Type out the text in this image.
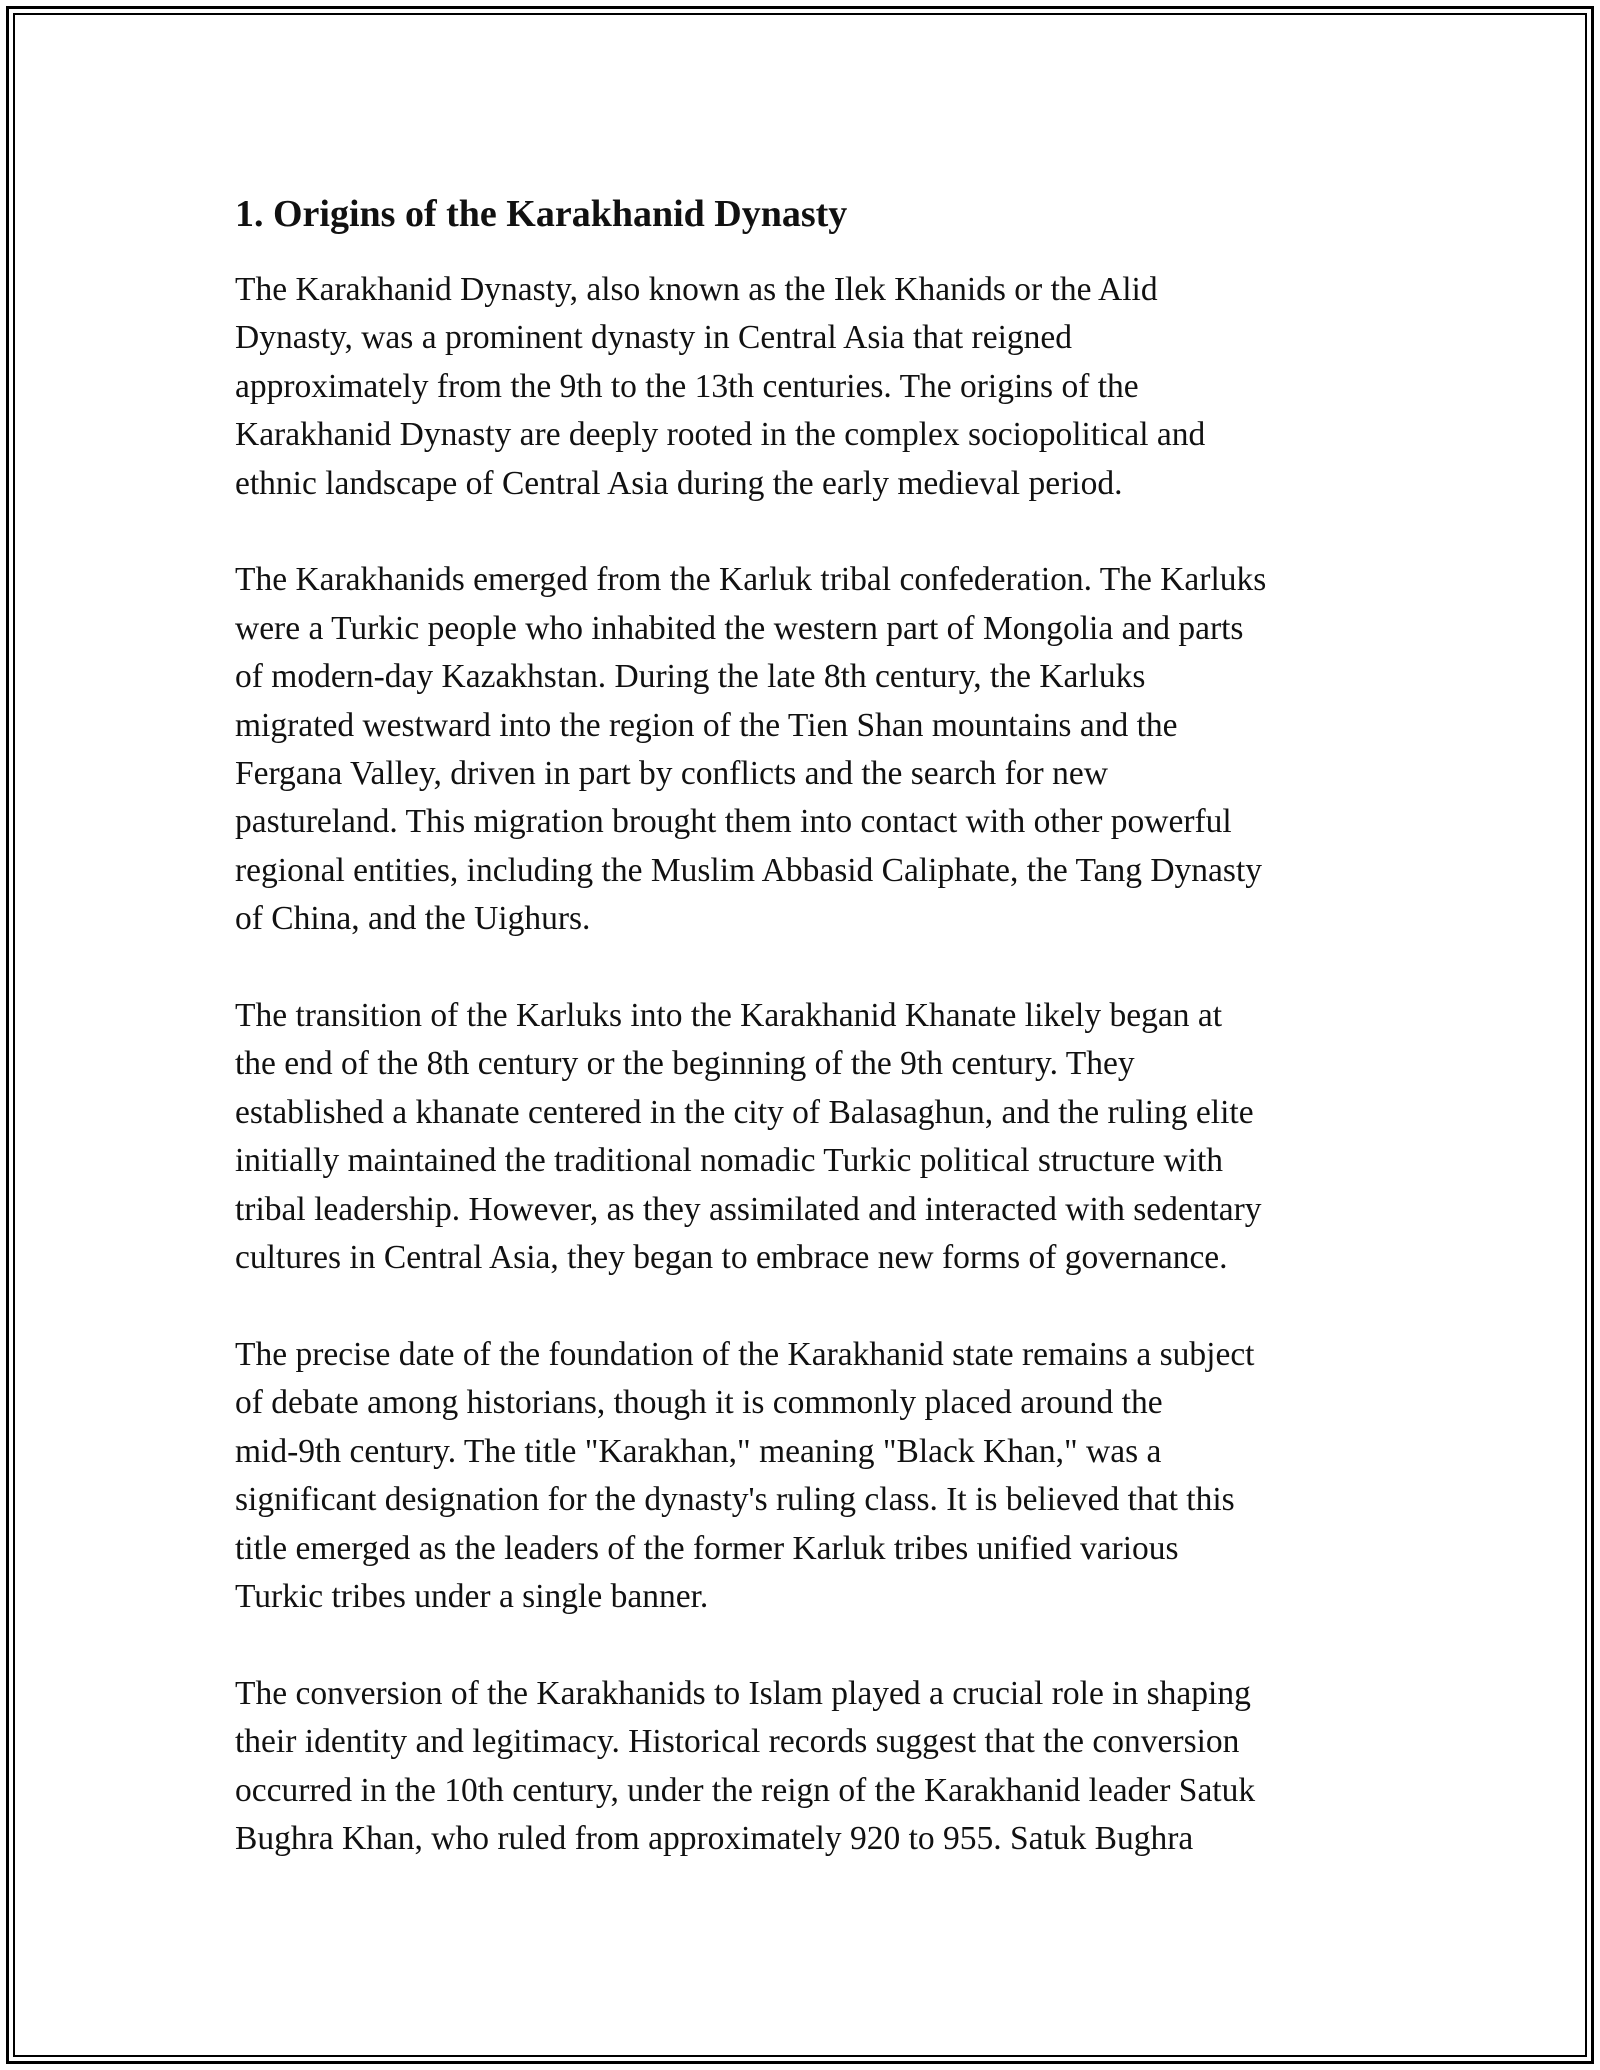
1. Origins of the Karakhanid Dynasty

The Karakhanid Dynasty, also known as the Ilek Khanids or the Alid
Dynasty, was a prominent dynasty in Central Asia that reigned
approximately from the 9th to the 13th centuries. The origins of the
Karakhanid Dynasty are deeply rooted in the complex sociopolitical and
ethnic landscape of Central Asia during the early medieval period.

The Karakhanids emerged from the Karluk tribal confederation. The Karluks
were a Turkic people who inhabited the western part of Mongolia and parts
of modern-day Kazakhstan. During the late 8th century, the Karluks
migrated westward into the region of the Tien Shan mountains and the
Fergana Valley, driven in part by conflicts and the search for new
pastureland. This migration brought them into contact with other powerful
regional entities, including the Muslim Abbasid Caliphate, the Tang Dynasty
of China, and the Uighurs.

The transition of the Karluks into the Karakhanid Khanate likely began at
the end of the 8th century or the beginning of the 9th century. They
established a khanate centered in the city of Balasaghun, and the ruling elite
initially maintained the traditional nomadic Turkic political structure with
tribal leadership. However, as they assimilated and interacted with sedentary
cultures in Central Asia, they began to embrace new forms of governance.

The precise date of the foundation of the Karakhanid state remains a subject
of debate among historians, though it is commonly placed around the
mid-9th century. The title "Karakhan," meaning "Black Khan," was a
significant designation for the dynasty's ruling class. It is believed that this
title emerged as the leaders of the former Karluk tribes unified various
Turkic tribes under a single banner.

The conversion of the Karakhanids to Islam played a crucial role in shaping
their identity and legitimacy. Historical records suggest that the conversion
occurred in the 10th century, under the reign of the Karakhanid leader Satuk
Bughra Khan, who ruled from approximately 920 to 955. Satuk Bughra
